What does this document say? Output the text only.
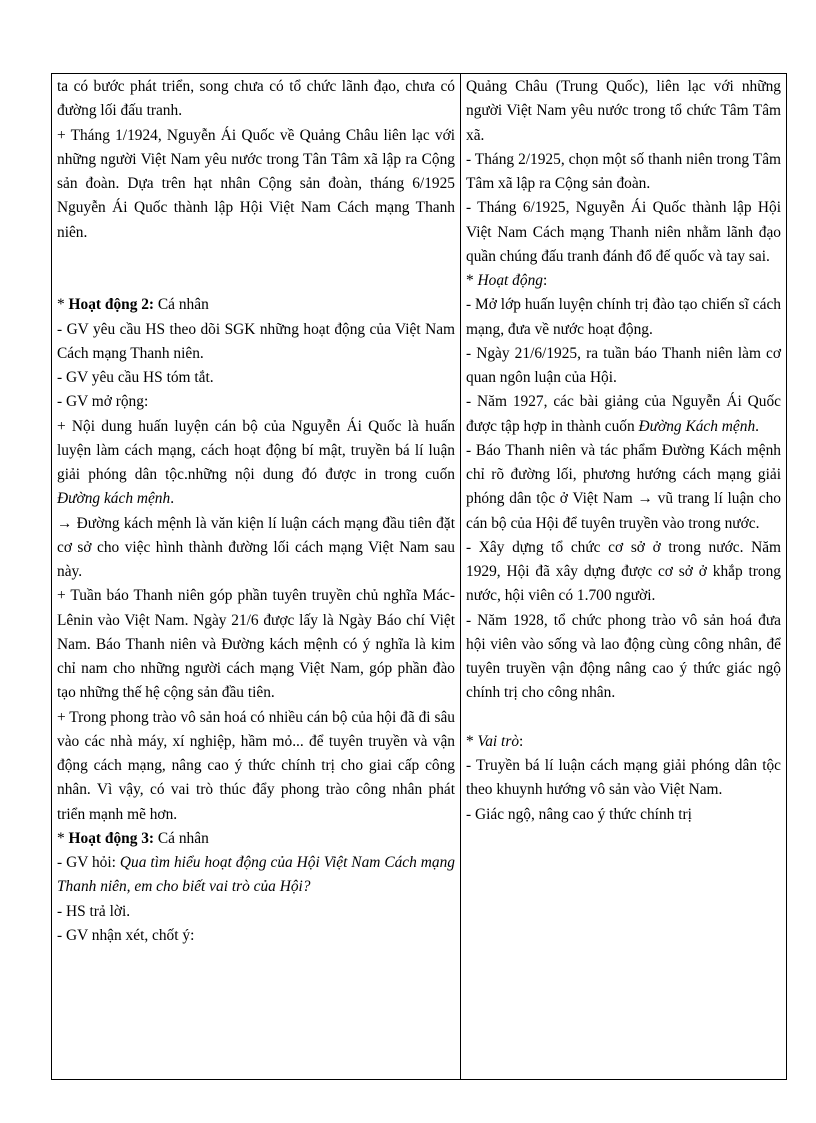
ta có bước phát triển, song chưa có tổ chức lãnh đạo, chưa có đường lối đấu tranh.
+ Tháng 1/1924, Nguyễn Ái Quốc về Quảng Châu liên lạc với những người Việt Nam yêu nước trong Tân Tâm xã lập ra Cộng sản đoàn. Dựa trên hạt nhân Cộng sản đoàn, tháng 6/1925 Nguyễn Ái Quốc thành lập Hội Việt Nam Cách mạng Thanh niên.
* Hoạt động 2: Cá nhân
- GV yêu cầu HS theo dõi SGK những hoạt động của Việt Nam Cách mạng Thanh niên.
- GV yêu cầu HS tóm tắt.
- GV mở rộng:
+ Nội dung huấn luyện cán bộ của Nguyễn Ái Quốc là huấn luyện làm cách mạng, cách hoạt động bí mật, truyền bá lí luận giải phóng dân tộc.những nội dung đó được in trong cuốn Đường kách mệnh.
→ Đường kách mệnh là văn kiện lí luận cách mạng đầu tiên đặt cơ sở cho việc hình thành đường lối cách mạng Việt Nam sau này.
+ Tuần báo Thanh niên góp phần tuyên truyền chủ nghĩa Mác-Lênin vào Việt Nam. Ngày 21/6 được lấy là Ngày Báo chí Việt Nam. Báo Thanh niên và Đường kách mệnh có ý nghĩa là kim chỉ nam cho những người cách mạng Việt Nam, góp phần đào tạo những thế hệ cộng sản đầu tiên.
+ Trong phong trào vô sản hoá có nhiều cán bộ của hội đã đi sâu vào các nhà máy, xí nghiệp, hầm mỏ... để tuyên truyền và vận động cách mạng, nâng cao ý thức chính trị cho giai cấp công nhân. Vì vậy, có vai trò thúc đẩy phong trào công nhân phát triển mạnh mẽ hơn.
* Hoạt động 3: Cá nhân
- GV hỏi: Qua tìm hiểu hoạt động của Hội Việt Nam Cách mạng Thanh niên, em cho biết vai trò của Hội?
- HS trả lời.
- GV nhận xét, chốt ý:

Quảng Châu (Trung Quốc), liên lạc với những người Việt Nam yêu nước trong tổ chức Tâm Tâm xã.
- Tháng 2/1925, chọn một số thanh niên trong Tâm Tâm xã lập ra Cộng sản đoàn.
- Tháng 6/1925, Nguyễn Ái Quốc thành lập Hội Việt Nam Cách mạng Thanh niên nhằm lãnh đạo quần chúng đấu tranh đánh đổ đế quốc và tay sai.
* Hoạt động:
- Mở lớp huấn luyện chính trị đào tạo chiến sĩ cách mạng, đưa về nước hoạt động.
- Ngày 21/6/1925, ra tuần báo Thanh niên làm cơ quan ngôn luận của Hội.
- Năm 1927, các bài giảng của Nguyễn Ái Quốc được tập hợp in thành cuốn Đường Kách mệnh.
- Báo Thanh niên và tác phẩm Đường Kách mệnh chỉ rõ đường lối, phương hướng cách mạng giải phóng dân tộc ở Việt Nam → vũ trang lí luận cho cán bộ của Hội để tuyên truyền vào trong nước.
- Xây dựng tổ chức cơ sở ở trong nước. Năm 1929, Hội đã xây dựng được cơ sở ở khắp trong nước, hội viên có 1.700 người.
- Năm 1928, tổ chức phong trào vô sản hoá đưa hội viên vào sống và lao động cùng công nhân, để tuyên truyền vận động nâng cao ý thức giác ngộ chính trị cho công nhân.
* Vai trò:
- Truyền bá lí luận cách mạng giải phóng dân tộc theo khuynh hướng vô sản vào Việt Nam.
- Giác ngộ, nâng cao ý thức chính trị
